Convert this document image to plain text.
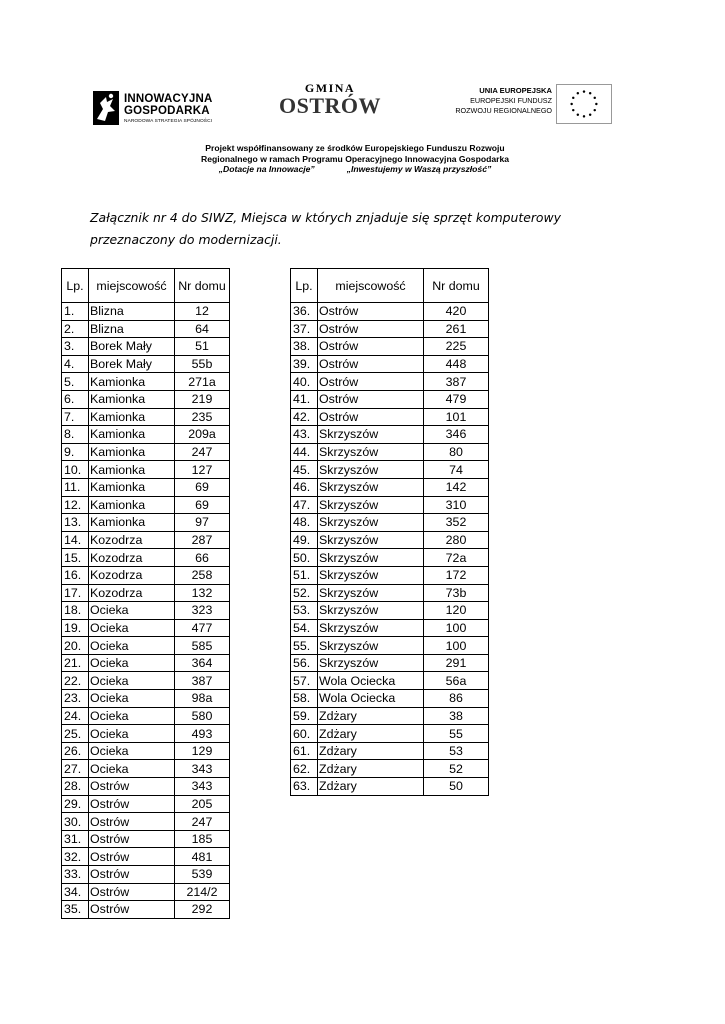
INNOWACYJNA
GOSPODARKA
NARODOWA STRATEGIA SPÓJNOŚCI
GMINA
OSTRÓW
UNIA EUROPEJSKA
EUROPEJSKI FUNDUSZ
ROZWOJU REGIONALNEGO
Projekt współfinansowany ze środków Europejskiego Funduszu Rozwoju
Regionalnego w ramach Programu Operacyjnego Innowacyjna Gospodarka
„Dotacje na Innowacje”	„Inwestujemy w Waszą przyszłość”
Załącznik nr 4 do SIWZ, Miejsca w których znjaduje się sprzęt komputerowy przeznaczony do modernizacji.
Lp.	miejscowość	Nr domu
1.	Blizna	12
2.	Blizna	64
3.	Borek Mały	51
4.	Borek Mały	55b
5.	Kamionka	271a
6.	Kamionka	219
7.	Kamionka	235
8.	Kamionka	209a
9.	Kamionka	247
10.	Kamionka	127
11.	Kamionka	69
12.	Kamionka	69
13.	Kamionka	97
14.	Kozodrza	287
15.	Kozodrza	66
16.	Kozodrza	258
17.	Kozodrza	132
18.	Ocieka	323
19.	Ocieka	477
20.	Ocieka	585
21.	Ocieka	364
22.	Ocieka	387
23.	Ocieka	98a
24.	Ocieka	580
25.	Ocieka	493
26.	Ocieka	129
27.	Ocieka	343
28.	Ostrów	343
29.	Ostrów	205
30.	Ostrów	247
31.	Ostrów	185
32.	Ostrów	481
33.	Ostrów	539
34.	Ostrów	214/2
35.	Ostrów	292
Lp.	miejscowość	Nr domu
36.	Ostrów	420
37.	Ostrów	261
38.	Ostrów	225
39.	Ostrów	448
40.	Ostrów	387
41.	Ostrów	479
42.	Ostrów	101
43.	Skrzyszów	346
44.	Skrzyszów	80
45.	Skrzyszów	74
46.	Skrzyszów	142
47.	Skrzyszów	310
48.	Skrzyszów	352
49.	Skrzyszów	280
50.	Skrzyszów	72a
51.	Skrzyszów	172
52.	Skrzyszów	73b
53.	Skrzyszów	120
54.	Skrzyszów	100
55.	Skrzyszów	100
56.	Skrzyszów	291
57.	Wola Ociecka	56a
58.	Wola Ociecka	86
59.	Zdżary	38
60.	Zdżary	55
61.	Zdżary	53
62.	Zdżary	52
63.	Zdżary	50
